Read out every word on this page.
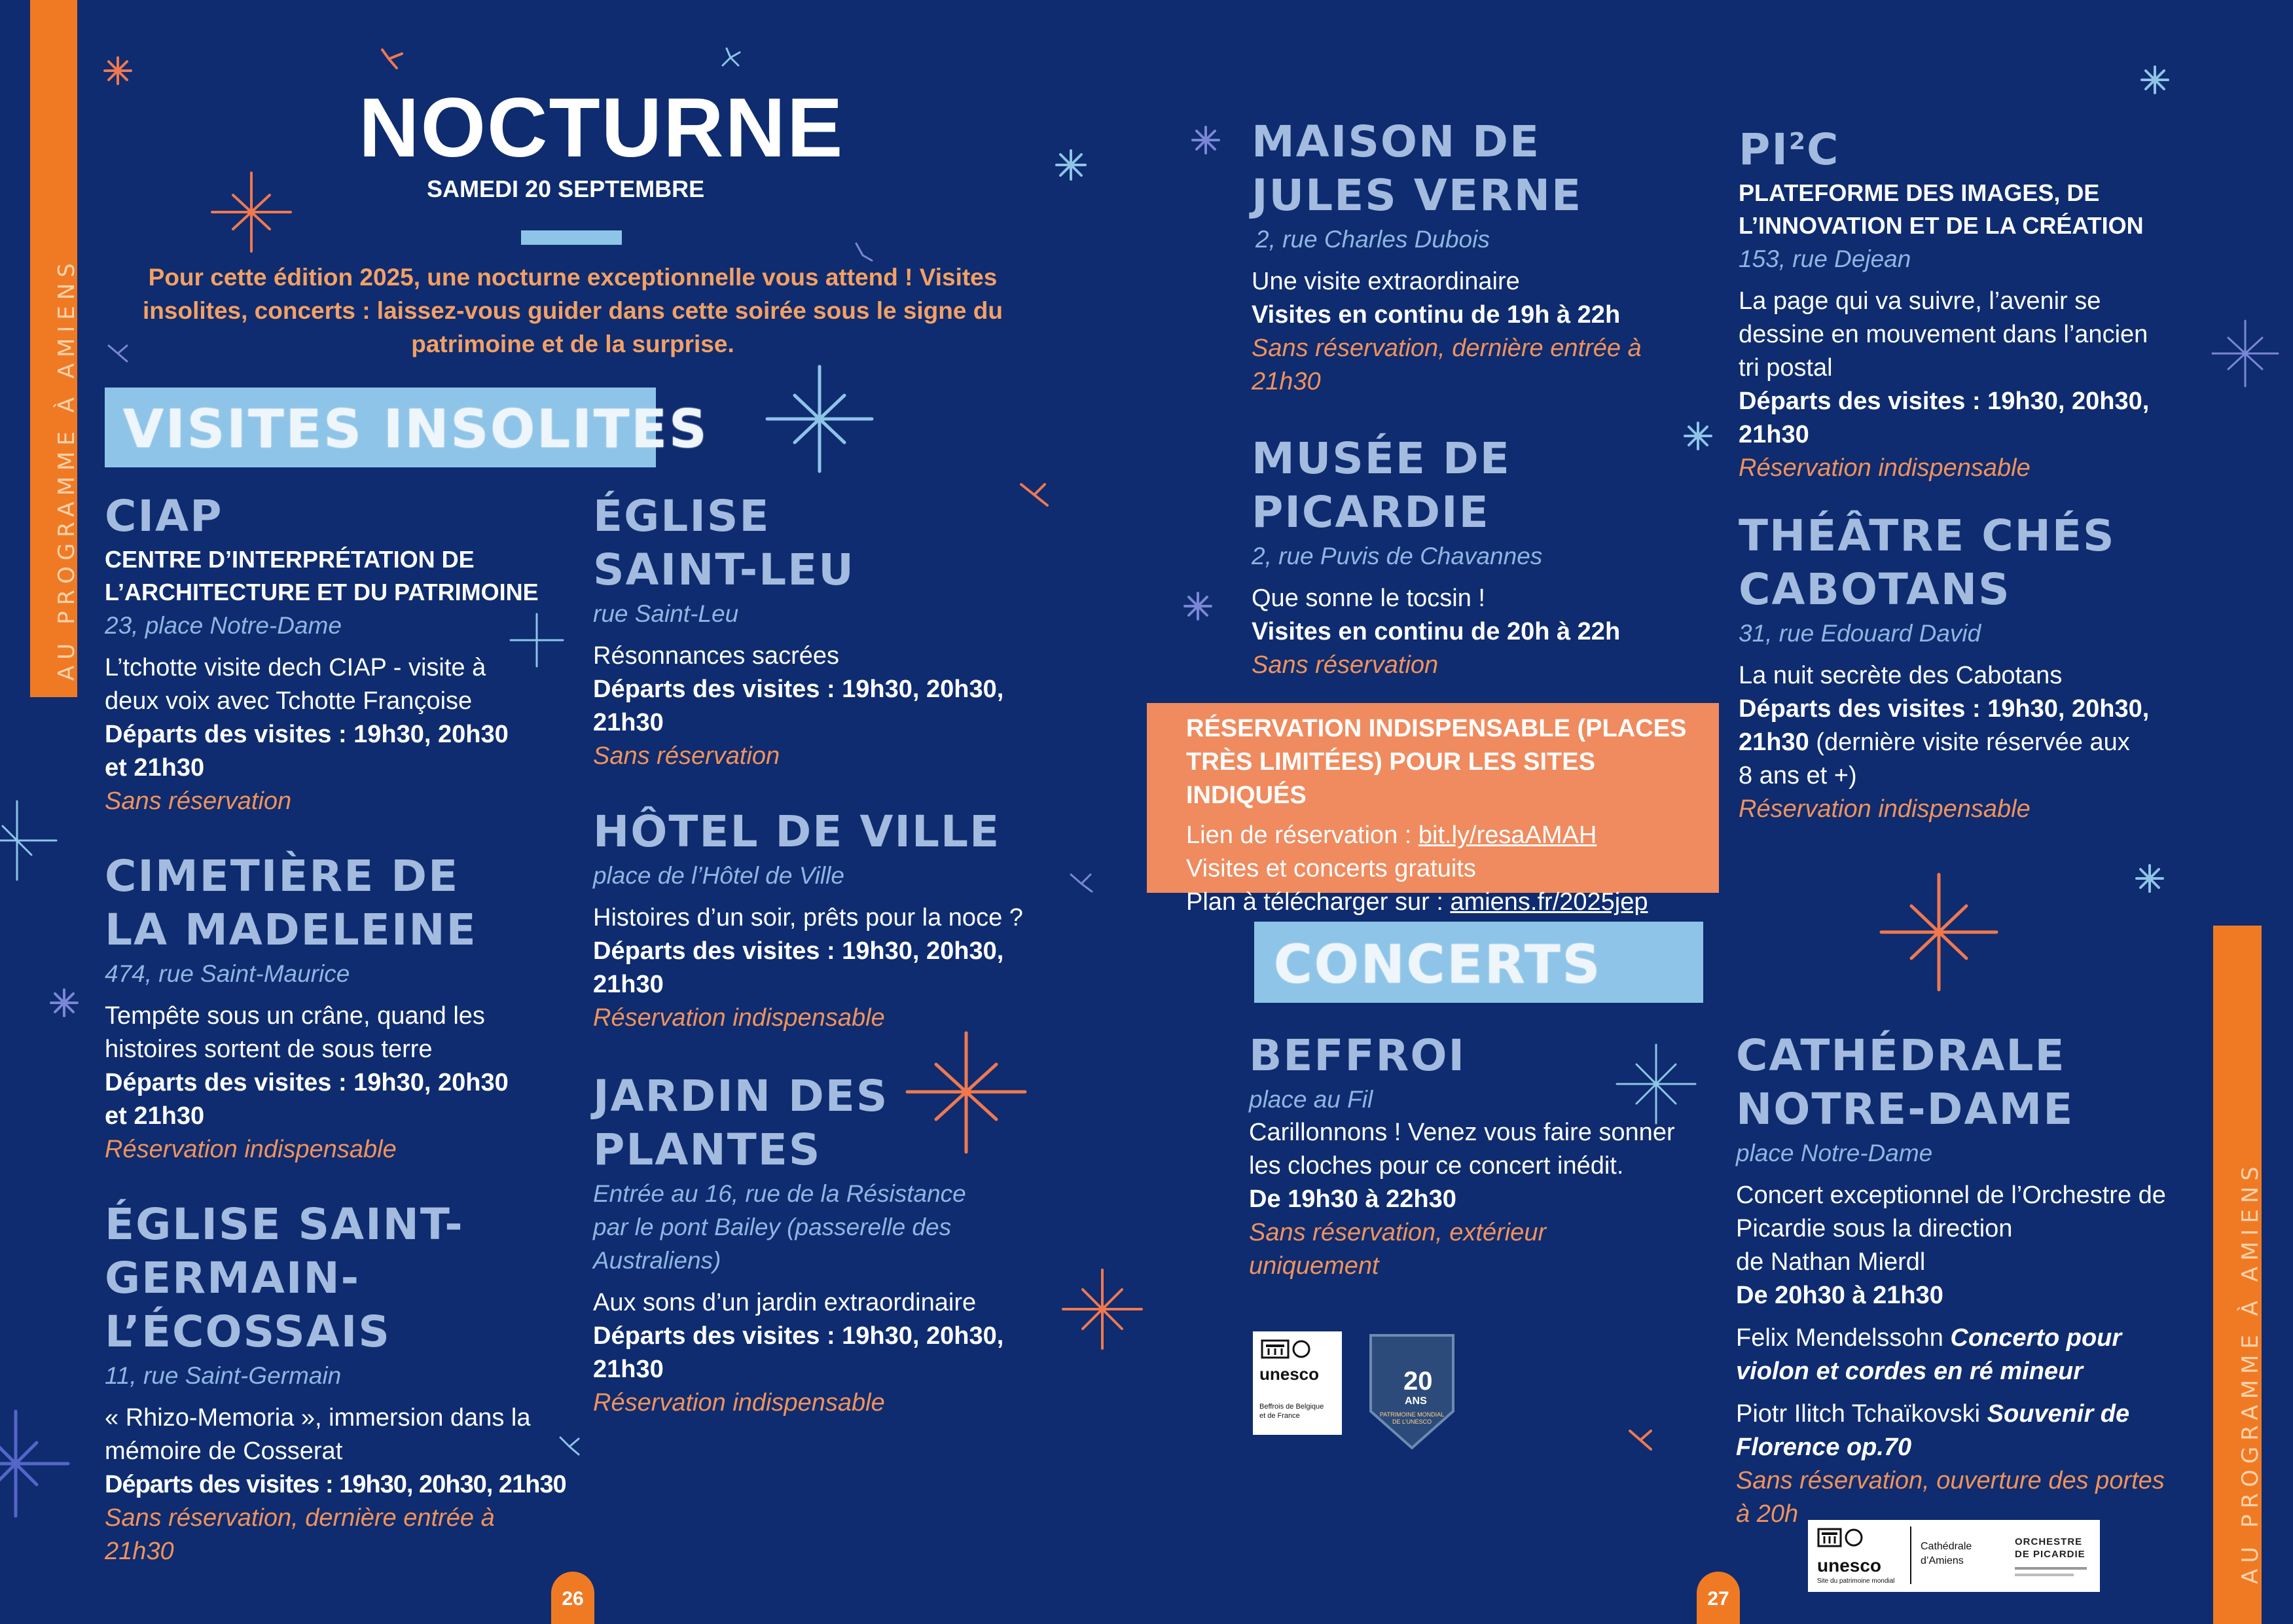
AU PROGRAMME À AMIENS
AU PROGRAMME À AMIENS
NOCTURNE
SAMEDI 20 SEPTEMBRE
Pour cette édition 2025, une nocturne exceptionnelle vous attend ! Visites
insolites, concerts : laissez-vous guider dans cette soirée sous le signe du
patrimoine et de la surprise.
VISITES INSOLITES
CIAP
CENTRE D’INTERPRÉTATION DE
L’ARCHITECTURE ET DU PATRIMOINE
23, place Notre-Dame
L’tchotte visite dech CIAP - visite à
deux voix avec Tchotte Françoise
Départs des visites : 19h30, 20h30
et 21h30
Sans réservation
CIMETIÈRE DE
LA MADELEINE
474, rue Saint-Maurice
Tempête sous un crâne, quand les
histoires sortent de sous terre
Départs des visites : 19h30, 20h30
et 21h30
Réservation indispensable
ÉGLISE SAINT-
GERMAIN-
L’ÉCOSSAIS
11, rue Saint-Germain
« Rhizo-Memoria », immersion dans la
mémoire de Cosserat
Départs des visites : 19h30, 20h30, 21h30
Sans réservation, dernière entrée à
21h30
ÉGLISE
SAINT-LEU
rue Saint-Leu
Résonnances sacrées
Départs des visites : 19h30, 20h30,
21h30
Sans réservation
HÔTEL DE VILLE
place de l’Hôtel de Ville
Histoires d’un soir, prêts pour la noce ?
Départs des visites : 19h30, 20h30,
21h30
Réservation indispensable
JARDIN DES
PLANTES
Entrée au 16, rue de la Résistance
par le pont Bailey (passerelle des
Australiens)
Aux sons d’un jardin extraordinaire
Départs des visites : 19h30, 20h30,
21h30
Réservation indispensable
MAISON DE
JULES VERNE
2, rue Charles Dubois
Une visite extraordinaire
Visites en continu de 19h à 22h
Sans réservation, dernière entrée à
21h30
MUSÉE DE
PICARDIE
2, rue Puvis de Chavannes
Que sonne le tocsin !
Visites en continu de 20h à 22h
Sans réservation
RÉSERVATION INDISPENSABLE (PLACES
TRÈS LIMITÉES) POUR LES SITES INDIQUÉS
Lien de réservation : bit.ly/resaAMAH
Visites et concerts gratuits
Plan à télécharger sur : amiens.fr/2025jep
CONCERTS
BEFFROI
place au Fil
Carillonnons ! Venez vous faire sonner
les cloches pour ce concert inédit.
De 19h30 à 22h30
Sans réservation, extérieur
uniquement
unesco
Beffrois de Belgique
et de France
20
ANS
PATRIMOINE MONDIAL
DE L’UNESCO
$PI^2C$
PLATEFORME DES IMAGES, DE
L’INNOVATION ET DE LA CRÉATION
153, rue Dejean
La page qui va suivre, l’avenir se
dessine en mouvement dans l’ancien
tri postal
Départs des visites : 19h30, 20h30,
21h30
Réservation indispensable
THÉÂTRE CHÉS
CABOTANS
31, rue Edouard David
La nuit secrète des Cabotans
Départs des visites : 19h30, 20h30,
21h30 (dernière visite réservée aux
8 ans et +)
Réservation indispensable
CATHÉDRALE
NOTRE-DAME
place Notre-Dame
Concert exceptionnel de l’Orchestre de
Picardie sous la direction
de Nathan Mierdl
De 20h30 à 21h30
Felix Mendelssohn Concerto pour
violon et cordes en ré mineur
Piotr Ilitch Tchaïkovski Souvenir de
Florence op.70
Sans réservation, ouverture des portes
à 20h
unesco
Site du patrimoine mondial
Cathédrale
d’Amiens
ORCHESTRE
DE PICARDIE
26	27
